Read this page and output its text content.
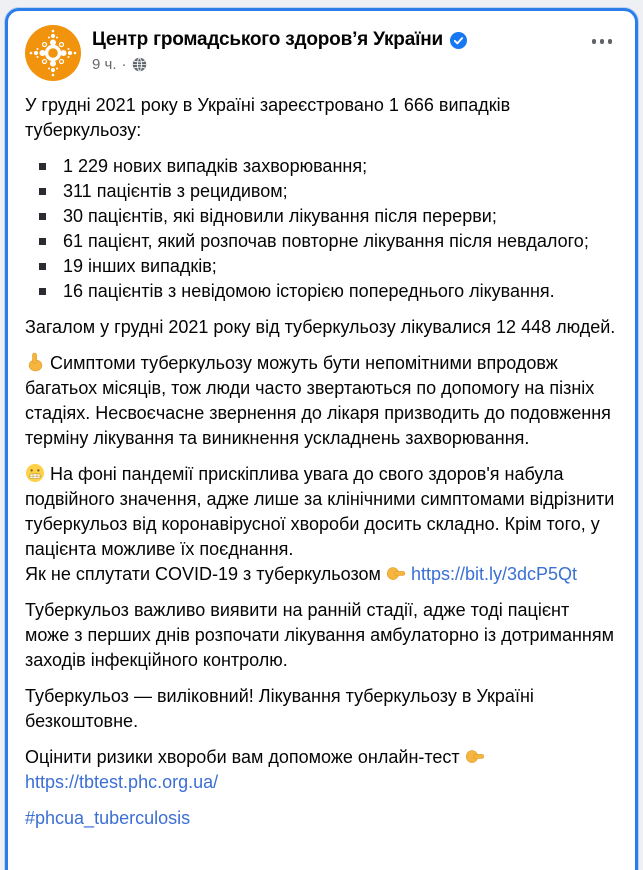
Центр громадського здоров’я України
9 ч. ·

У грудні 2021 року в Україні зареєстровано 1 666 випадків туберкульозу:

1 229 нових випадків захворювання;
311 пацієнтів з рецидивом;
30 пацієнтів, які відновили лікування після перерви;
61 пацієнт, який розпочав повторне лікування після невдалого;
19 інших випадків;
16 пацієнтів з невідомою історією попереднього лікування.

Загалом у грудні 2021 року від туберкульозу лікувалися 12 448 людей.

Симптоми туберкульозу можуть бути непомітними впродовж багатьох місяців, тож люди часто звертаються по допомогу на пізніх стадіях. Несвоєчасне звернення до лікаря призводить до подовження терміну лікування та виникнення ускладнень захворювання.

На фоні пандемії прискіплива увага до свого здоров'я набула подвійного значення, адже лише за клінічними симптомами відрізнити туберкульоз від коронавірусної хвороби досить складно. Крім того, у пацієнта можливе їх поєднання.
Як не сплутати COVID-19 з туберкульозом https://bit.ly/3dcP5Qt

Туберкульоз важливо виявити на ранній стадії, адже тоді пацієнт може з перших днів розпочати лікування амбулаторно із дотриманням заходів інфекційного контролю.

Туберкульоз — виліковний! Лікування туберкульозу в Україні безкоштовне.

Оцінити ризики хвороби вам допоможе онлайн-тест

https://tbtest.phc.org.ua/

#phcua_tuberculosis
